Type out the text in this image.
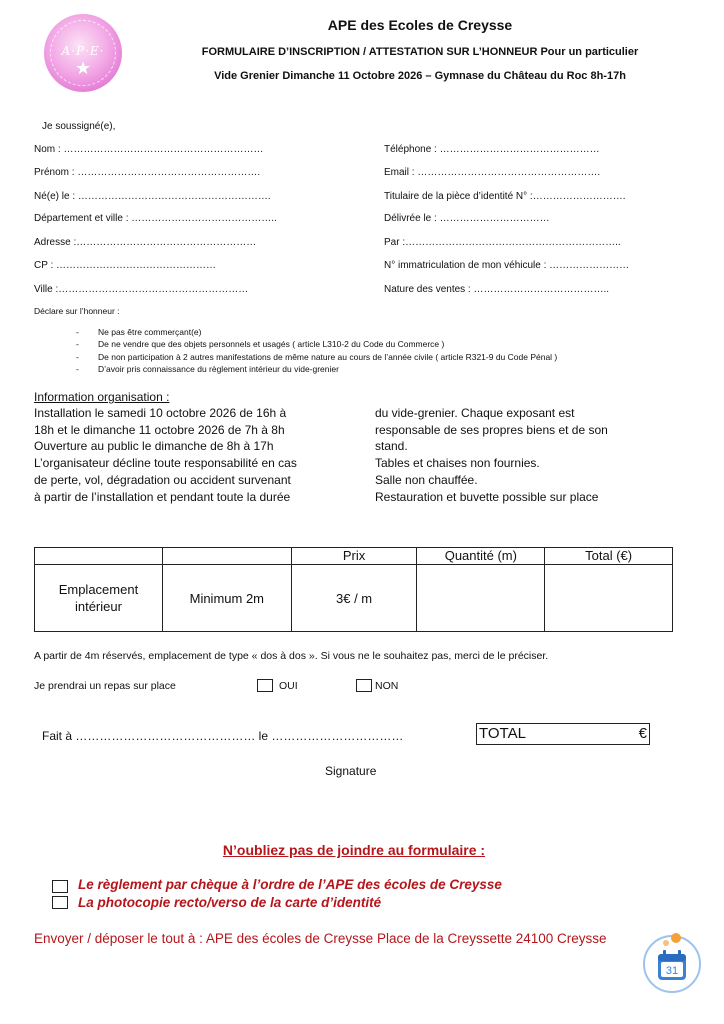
A·P·E·
★
APE des Ecoles de Creysse
FORMULAIRE D’INSCRIPTION / ATTESTATION SUR L’HONNEUR Pour un particulier
Vide Grenier Dimanche 11 Octobre 2026 – Gymnase du Château du Roc 8h-17h
Je soussigné(e),
Nom : ……………………………………………………
Prénom : ……………………………………………….
Né(e) le : ………………………………………………….
Département et ville : ……………………………………..
Adresse :………………………………………………
CP : …………………………………………
Ville :…………………………………………………
Téléphone : …………………………………………
Email : ……………………………………………….
Titulaire de la pièce d’identité N° :……………………….
Délivrée le : ……………………………
Par :………………………………………………………..
N° immatriculation de mon véhicule : ……………………
Nature des ventes : …………………………………..
Déclare sur l’honneur :
- Ne pas être commerçant(e)
- De ne vendre que des objets personnels et usagés ( article L310-2 du Code du Commerce )
- De non participation à 2 autres manifestations de même nature au cours de l’année civile ( article R321-9 du Code Pénal )
- D’avoir pris connaissance du règlement intérieur du vide-grenier
Information organisation :
Installation le samedi 10 octobre 2026 de 16h à
18h et le dimanche 11 octobre 2026 de 7h à 8h
Ouverture au public le dimanche de 8h à 17h
L’organisateur décline toute responsabilité en cas
de perte, vol, dégradation ou accident survenant
à partir de l’installation et pendant toute la durée
du vide-grenier. Chaque exposant est
responsable de ses propres biens et de son
stand.
Tables et chaises non fournies.
Salle non chauffée.
Restauration et buvette possible sur place
		Prix	Quantité (m)	Total (€)

Emplacement intérieur	Minimum 2m	3€ / m		
A partir de 4m réservés, emplacement de type « dos à dos ». Si vous ne le souhaitez pas, merci de le préciser.
Je prendrai un repas sur place	OUI	NON
Fait à ……………………………………… le ……………………………	TOTAL	€
Signature
N’oubliez pas de joindre au formulaire :
Le règlement par chèque à l’ordre de l’APE des écoles de Creysse
La photocopie recto/verso de la carte d’identité
Envoyer / déposer le tout à : APE des écoles de Creysse Place de la Creyssette 24100 Creysse
31
